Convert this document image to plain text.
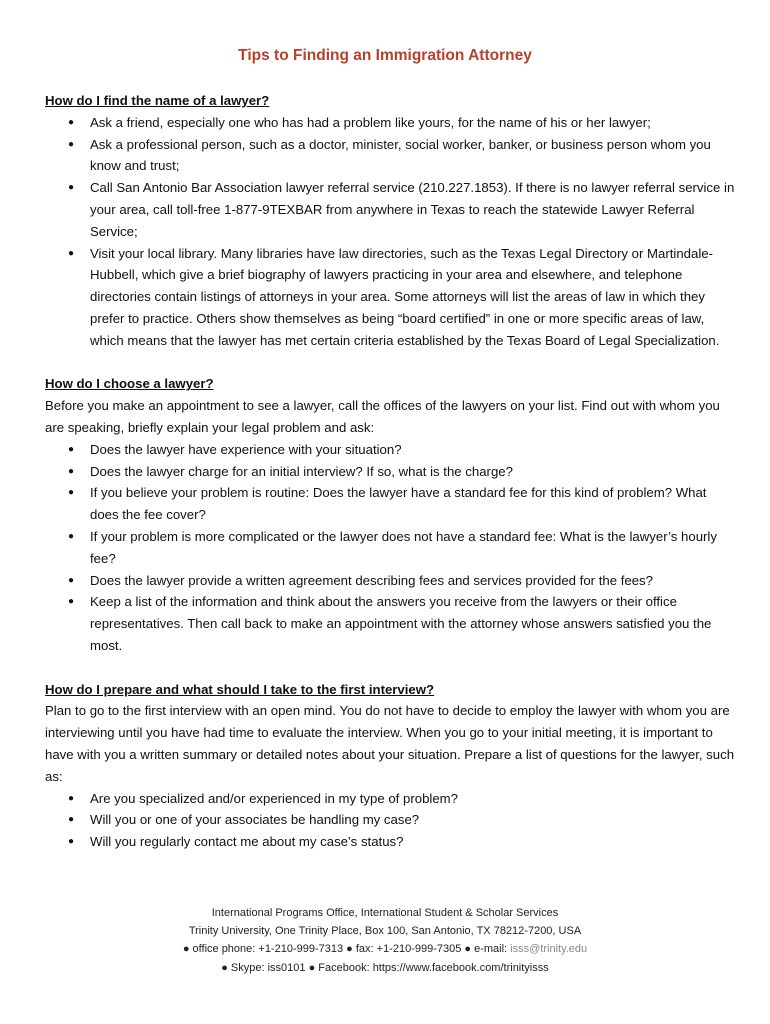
Tips to Finding an Immigration Attorney

How do I find the name of a lawyer?

● Ask a friend, especially one who has had a problem like yours, for the name of his or her lawyer;
● Ask a professional person, such as a doctor, minister, social worker, banker, or business person whom you know and trust;
● Call San Antonio Bar Association lawyer referral service (210.227.1853). If there is no lawyer referral service in your area, call toll-free 1-877-9TEXBAR from anywhere in Texas to reach the statewide Lawyer Referral Service;
● Visit your local library. Many libraries have law directories, such as the Texas Legal Directory or Martindale-Hubbell, which give a brief biography of lawyers practicing in your area and elsewhere, and telephone directories contain listings of attorneys in your area. Some attorneys will list the areas of law in which they prefer to practice. Others show themselves as being “board certified” in one or more specific areas of law, which means that the lawyer has met certain criteria established by the Texas Board of Legal Specialization.

How do I choose a lawyer?

Before you make an appointment to see a lawyer, call the offices of the lawyers on your list. Find out with whom you are speaking, briefly explain your legal problem and ask:

● Does the lawyer have experience with your situation?
● Does the lawyer charge for an initial interview? If so, what is the charge?
● If you believe your problem is routine: Does the lawyer have a standard fee for this kind of problem? What does the fee cover?
● If your problem is more complicated or the lawyer does not have a standard fee: What is the lawyer’s hourly fee?
● Does the lawyer provide a written agreement describing fees and services provided for the fees?
● Keep a list of the information and think about the answers you receive from the lawyers or their office representatives. Then call back to make an appointment with the attorney whose answers satisfied you the most.

How do I prepare and what should I take to the first interview?

Plan to go to the first interview with an open mind. You do not have to decide to employ the lawyer with whom you are interviewing until you have had time to evaluate the interview. When you go to your initial meeting, it is important to have with you a written summary or detailed notes about your situation. Prepare a list of questions for the lawyer, such as:

● Are you specialized and/or experienced in my type of problem?
● Will you or one of your associates be handling my case?
● Will you regularly contact me about my case’s status?
International Programs Office, International Student & Scholar Services
Trinity University, One Trinity Place, Box 100, San Antonio, TX 78212-7200, USA
● office phone: +1-210-999-7313 ● fax: +1-210-999-7305 ● e-mail: isss@trinity.edu
● Skype: iss0101 ● Facebook: https://www.facebook.com/trinityisss
